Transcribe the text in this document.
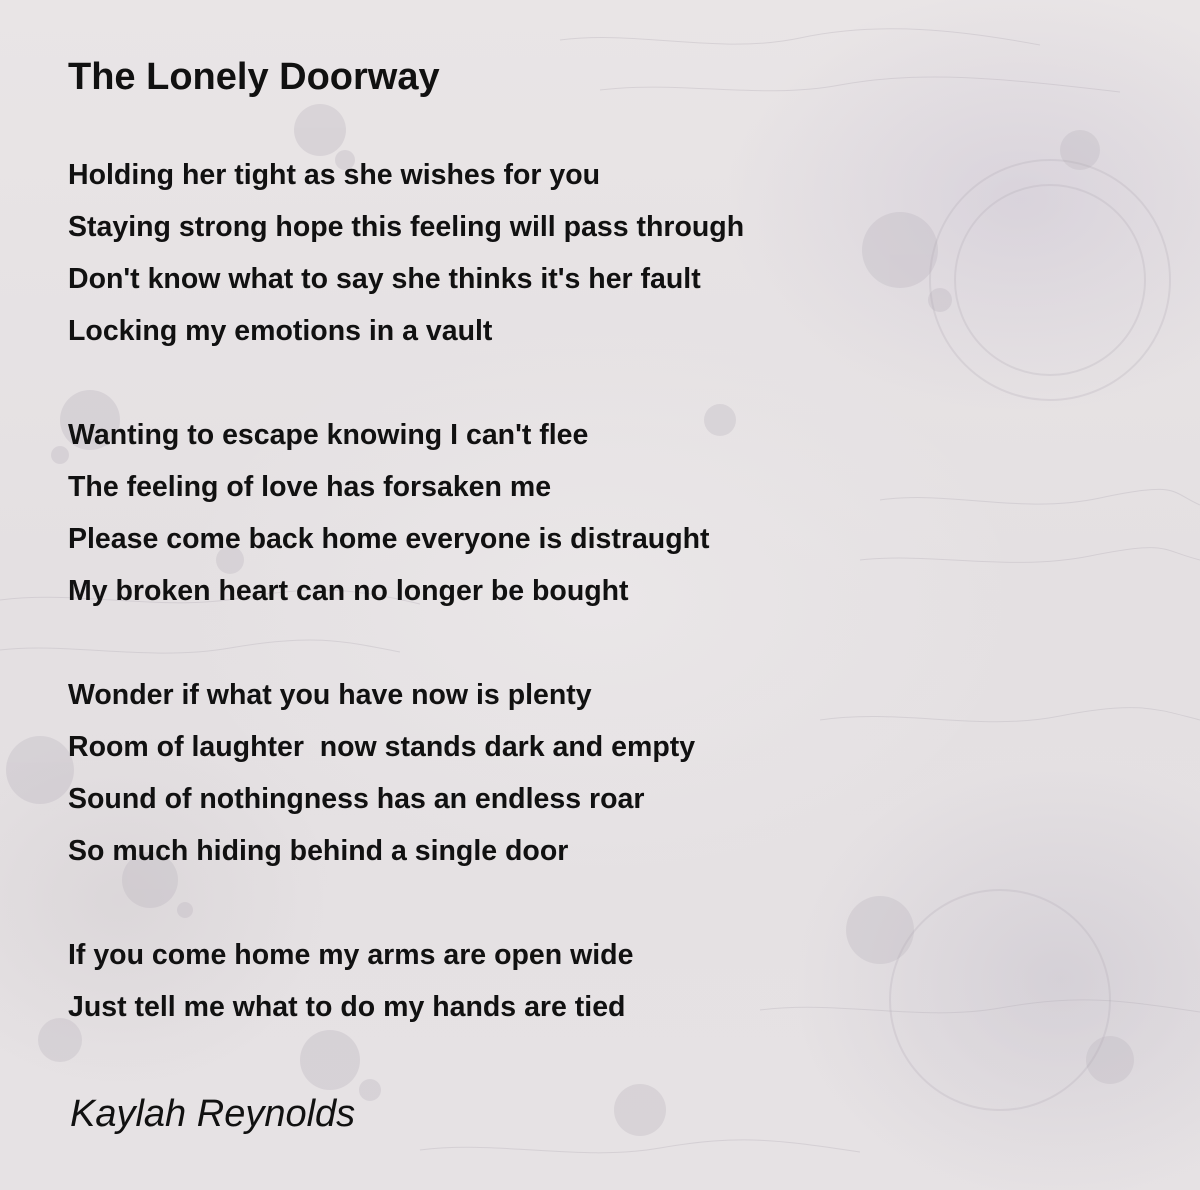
The Lonely Doorway
Holding her tight as she wishes for you
Staying strong hope this feeling will pass through
Don't know what to say she thinks it's her fault
Locking my emotions in a vault
Wanting to escape knowing I can't flee
The feeling of love has forsaken me
Please come back home everyone is distraught
My broken heart can no longer be bought
Wonder if what you have now is plenty
Room of laughter  now stands dark and empty
Sound of nothingness has an endless roar
So much hiding behind a single door
If you come home my arms are open wide
Just tell me what to do my hands are tied

Kaylah Reynolds
